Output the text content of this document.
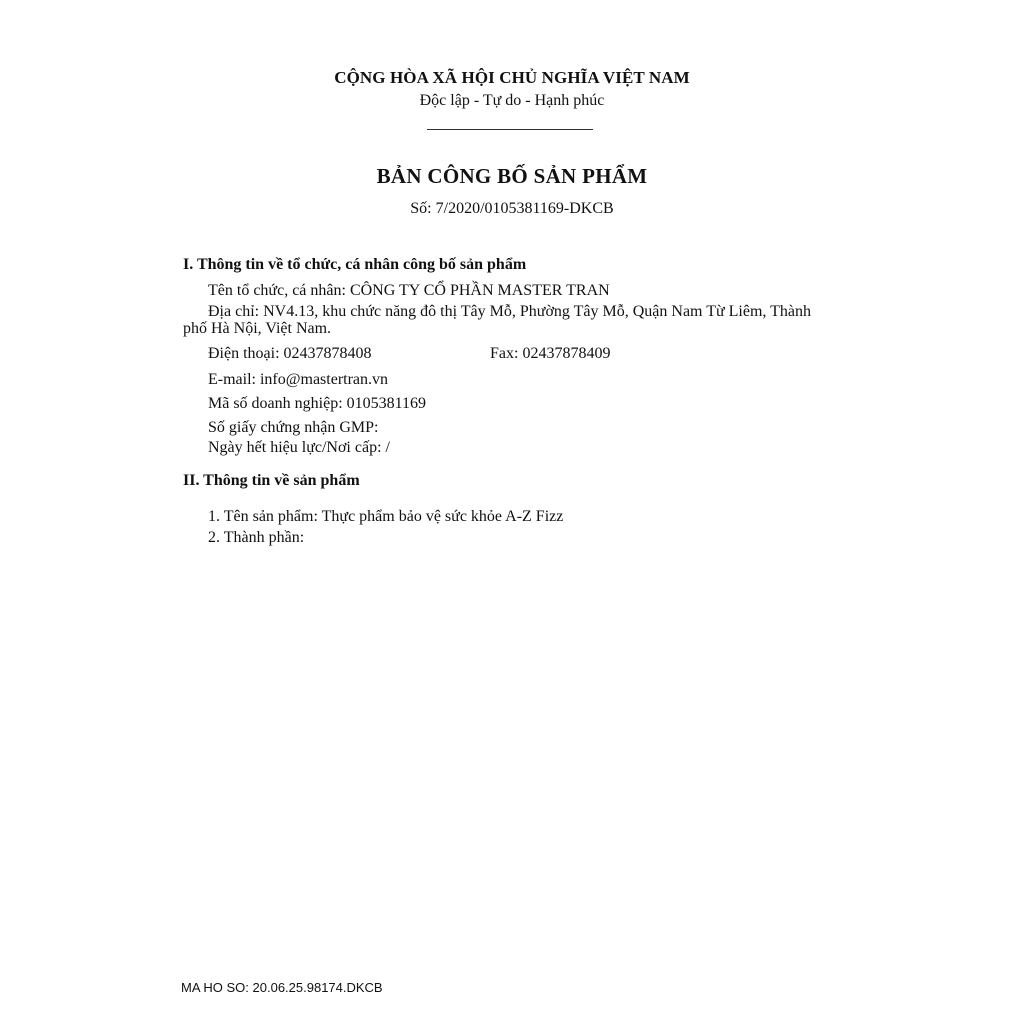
CỘNG HÒA XÃ HỘI CHỦ NGHĨA VIỆT NAM
Độc lập - Tự do - Hạnh phúc
BẢN CÔNG BỐ SẢN PHẨM
Số: 7/2020/0105381169-DKCB
I. Thông tin về tổ chức, cá nhân công bố sản phẩm
Tên tổ chức, cá nhân: CÔNG TY CỔ PHẦN MASTER TRAN
Địa chỉ: NV4.13, khu chức năng đô thị Tây Mỗ, Phường Tây Mỗ, Quận Nam Từ Liêm, Thành
phố Hà Nội, Việt Nam.
Điện thoại: 02437878408	Fax: 02437878409
E-mail: info@mastertran.vn
Mã số doanh nghiệp: 0105381169
Số giấy chứng nhận GMP:
Ngày hết hiệu lực/Nơi cấp: /
II. Thông tin về sản phẩm
1. Tên sản phẩm: Thực phẩm bảo vệ sức khỏe A-Z Fizz
2. Thành phần:
MA HO SO: 20.06.25.98174.DKCB
